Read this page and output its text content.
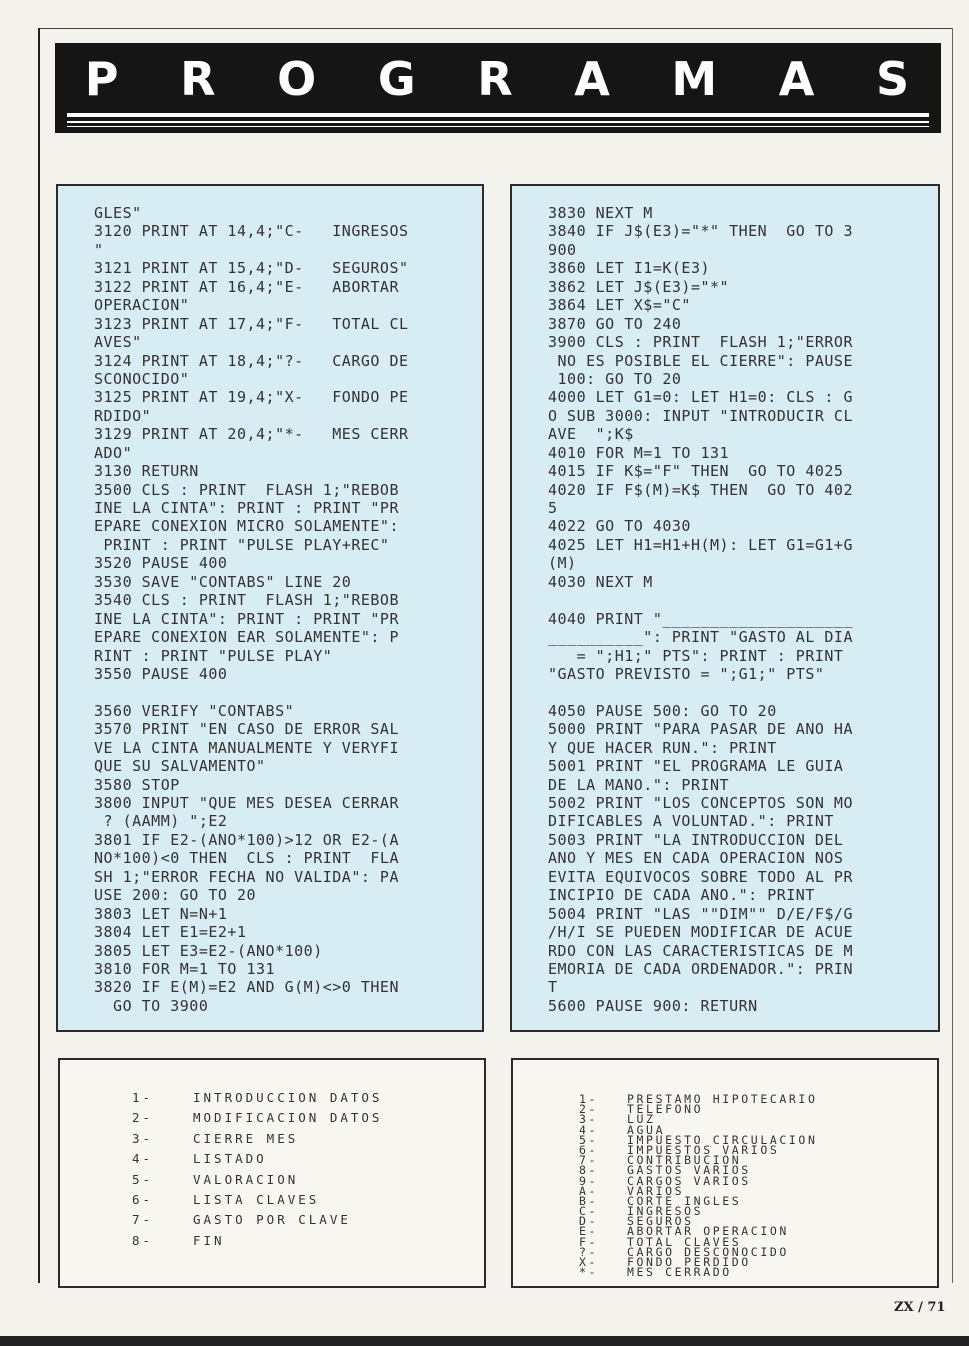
P R O G R A M A S
GLES"
3120 PRINT AT 14,4;"C-   INGRESOS
"
3121 PRINT AT 15,4;"D-   SEGUROS"
3122 PRINT AT 16,4;"E-   ABORTAR
OPERACION"
3123 PRINT AT 17,4;"F-   TOTAL CL
AVES"
3124 PRINT AT 18,4;"?-   CARGO DE
SCONOCIDO"
3125 PRINT AT 19,4;"X-   FONDO PE
RDIDO"
3129 PRINT AT 20,4;"*-   MES CERR
ADO"
3130 RETURN
3500 CLS : PRINT  FLASH 1;"REBOB
INE LA CINTA": PRINT : PRINT "PR
EPARE CONEXION MICRO SOLAMENTE":
PRINT : PRINT "PULSE PLAY+REC"
3520 PAUSE 400
3530 SAVE "CONTABS" LINE 20
3540 CLS : PRINT  FLASH 1;"REBOB
INE LA CINTA": PRINT : PRINT "PR
EPARE CONEXION EAR SOLAMENTE": P
RINT : PRINT "PULSE PLAY"
3550 PAUSE 400
3560 VERIFY "CONTABS"
3570 PRINT "EN CASO DE ERROR SAL
VE LA CINTA MANUALMENTE Y VERYFI
QUE SU SALVAMENTO"
3580 STOP
3800 INPUT "QUE MES DESEA CERRAR
? (AAMM) ";E2
3801 IF E2-(ANO*100)>12 OR E2-(A
NO*100)<0 THEN  CLS : PRINT  FLA
SH 1;"ERROR FECHA NO VALIDA": PA
USE 200: GO TO 20
3803 LET N=N+1
3804 LET E1=E2+1
3805 LET E3=E2-(ANO*100)
3810 FOR M=1 TO 131
3820 IF E(M)=E2 AND G(M)<>0 THEN
GO TO 3900
3830 NEXT M
3840 IF J$(E3)="*" THEN  GO TO 3
900
3860 LET I1=K(E3)
3862 LET J$(E3)="*"
3864 LET X$="C"
3870 GO TO 240
3900 CLS : PRINT  FLASH 1;"ERROR
NO ES POSIBLE EL CIERRE": PAUSE
100: GO TO 20
4000 LET G1=0: LET H1=0: CLS : G
O SUB 3000: INPUT "INTRODUCIR CL
AVE  ";K$
4010 FOR M=1 TO 131
4015 IF K$="F" THEN  GO TO 4025
4020 IF F$(M)=K$ THEN  GO TO 402
5
4022 GO TO 4030
4025 LET H1=H1+H(M): LET G1=G1+G
(M)
4030 NEXT M
4040 PRINT "____________________
__________": PRINT "GASTO AL DIA
= ";H1;" PTS": PRINT : PRINT
"GASTO PREVISTO = ";G1;" PTS"
4050 PAUSE 500: GO TO 20
5000 PRINT "PARA PASAR DE ANO HA
Y QUE HACER RUN.": PRINT
5001 PRINT "EL PROGRAMA LE GUIA
DE LA MANO.": PRINT
5002 PRINT "LOS CONCEPTOS SON MO
DIFICABLES A VOLUNTAD.": PRINT
5003 PRINT "LA INTRODUCCION DEL
ANO Y MES EN CADA OPERACION NOS
EVITA EQUIVOCOS SOBRE TODO AL PR
INCIPIO DE CADA ANO.": PRINT
5004 PRINT "LAS ""DIM"" D/E/F$/G
/H/I SE PUEDEN MODIFICAR DE ACUE
RDO CON LAS CARACTERISTICAS DE M
EMORIA DE CADA ORDENADOR.": PRIN
T
5600 PAUSE 900: RETURN
1-	INTRODUCCION DATOS
2-	MODIFICACION DATOS
3-	CIERRE MES
4-	LISTADO
5-	VALORACION
6-	LISTA CLAVES
7-	GASTO POR CLAVE
8-	FIN
1-	PRESTAMO HIPOTECARIO
2-	TELEFONO
3-	LUZ
4-	AGUA
5-	IMPUESTO CIRCULACION
6-	IMPUESTOS VARIOS
7-	CONTRIBUCION
8-	GASTOS VARIOS
9-	CARGOS VARIOS
A-	VARIOS
B-	CORTE INGLES
C-	INGRESOS
D-	SEGUROS
E-	ABORTAR OPERACION
F-	TOTAL CLAVES
?-	CARGO DESCONOCIDO
X-	FONDO PERDIDO
*-	MES CERRADO
ZX / 71
